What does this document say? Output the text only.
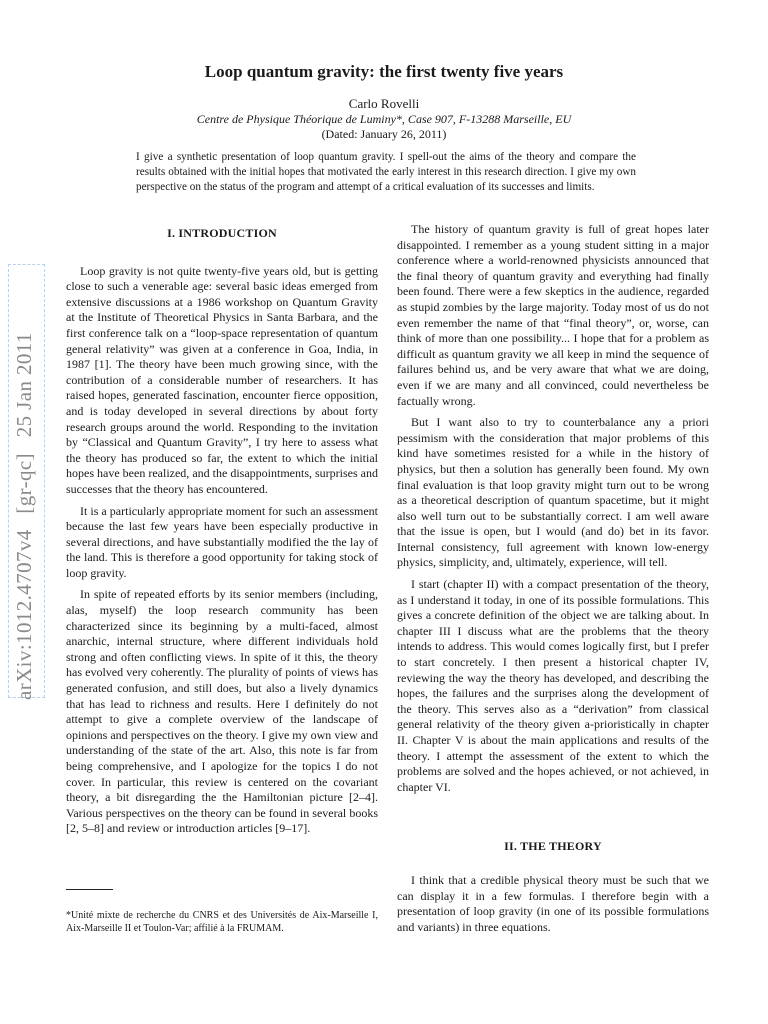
arXiv:1012.4707v4 [gr-qc] 25 Jan 2011
Loop quantum gravity: the first twenty five years
Carlo Rovelli
Centre de Physique Théorique de Luminy*, Case 907, F-13288 Marseille, EU
(Dated: January 26, 2011)
I give a synthetic presentation of loop quantum gravity. I spell-out the aims of the theory and compare the results obtained with the initial hopes that motivated the early interest in this research direction. I give my own perspective on the status of the program and attempt of a critical evaluation of its successes and limits.
I. INTRODUCTION

Loop gravity is not quite twenty-five years old, but is getting close to such a venerable age: several basic ideas emerged from extensive discussions at a 1986 workshop on Quantum Gravity at the Institute of Theoretical Physics in Santa Barbara, and the first conference talk on a “loop-space representation of quantum general relativity” was given at a conference in Goa, India, in 1987 [1]. The theory have been much growing since, with the contribution of a considerable number of researchers. It has raised hopes, generated fascination, encounter fierce opposition, and is today developed in several directions by about forty research groups around the world. Responding to the invitation by “Classical and Quantum Gravity”, I try here to assess what the theory has produced so far, the extent to which the initial hopes have been realized, and the disappointments, surprises and successes that the theory has encountered.

It is a particularly appropriate moment for such an assessment because the last few years have been especially productive in several directions, and have substantially modified the the lay of the land. This is therefore a good opportunity for taking stock of loop gravity.

In spite of repeated efforts by its senior members (including, alas, myself) the loop research community has been characterized since its beginning by a multi-faced, almost anarchic, internal structure, where different individuals hold strong and often conflicting views. In spite of it this, the theory has evolved very coherently. The plurality of points of views has generated confusion, and still does, but also a lively dynamics that has lead to richness and results. Here I definitely do not attempt to give a complete overview of the landscape of opinions and perspectives on the theory. I give my own view and understanding of the state of the art. Also, this note is far from being comprehensive, and I apologize for the topics I do not cover. In particular, this review is centered on the covariant theory, a bit disregarding the the Hamiltonian picture [2–4]. Various perspectives on the theory can be found in several books [2, 5–8] and review or introduction articles [9–17].

*Unité mixte de recherche du CNRS et des Universités de Aix-Marseille I, Aix-Marseille II et Toulon-Var; affilié à la FRUMAM.

The history of quantum gravity is full of great hopes later disappointed. I remember as a young student sitting in a major conference where a world-renowned physicists announced that the final theory of quantum gravity and everything had finally been found. There were a few skeptics in the audience, regarded as stupid zombies by the large majority. Today most of us do not even remember the name of that “final theory”, or, worse, can think of more than one possibility... I hope that for a problem as difficult as quantum gravity we all keep in mind the sequence of failures behind us, and be very aware that what we are doing, even if we are many and all convinced, could nevertheless be factually wrong.

But I want also to try to counterbalance any a priori pessimism with the consideration that major problems of this kind have sometimes resisted for a while in the history of physics, but then a solution has generally been found. My own final evaluation is that loop gravity might turn out to be wrong as a theoretical description of quantum spacetime, but it might also well turn out to be substantially correct. I am well aware that the issue is open, but I would (and do) bet in its favor. Internal consistency, full agreement with known low-energy physics, simplicity, and, ultimately, experience, will tell.

I start (chapter II) with a compact presentation of the theory, as I understand it today, in one of its possible formulations. This gives a concrete definition of the object we are talking about. In chapter III I discuss what are the problems that the theory intends to address. This would comes logically first, but I prefer to start concretely. I then present a historical chapter IV, reviewing the way the theory has developed, and describing the hopes, the failures and the surprises along the development of the theory. This serves also as a “derivation” from classical general relativity of the theory given a-prioristically in chapter II. Chapter V is about the main applications and results of the theory. I attempt the assessment of the extent to which the problems are solved and the hopes achieved, or not achieved, in chapter VI.

II. THE THEORY

I think that a credible physical theory must be such that we can display it in a few formulas. I therefore begin with a presentation of loop gravity (in one of its possible formulations and variants) in three equations.
